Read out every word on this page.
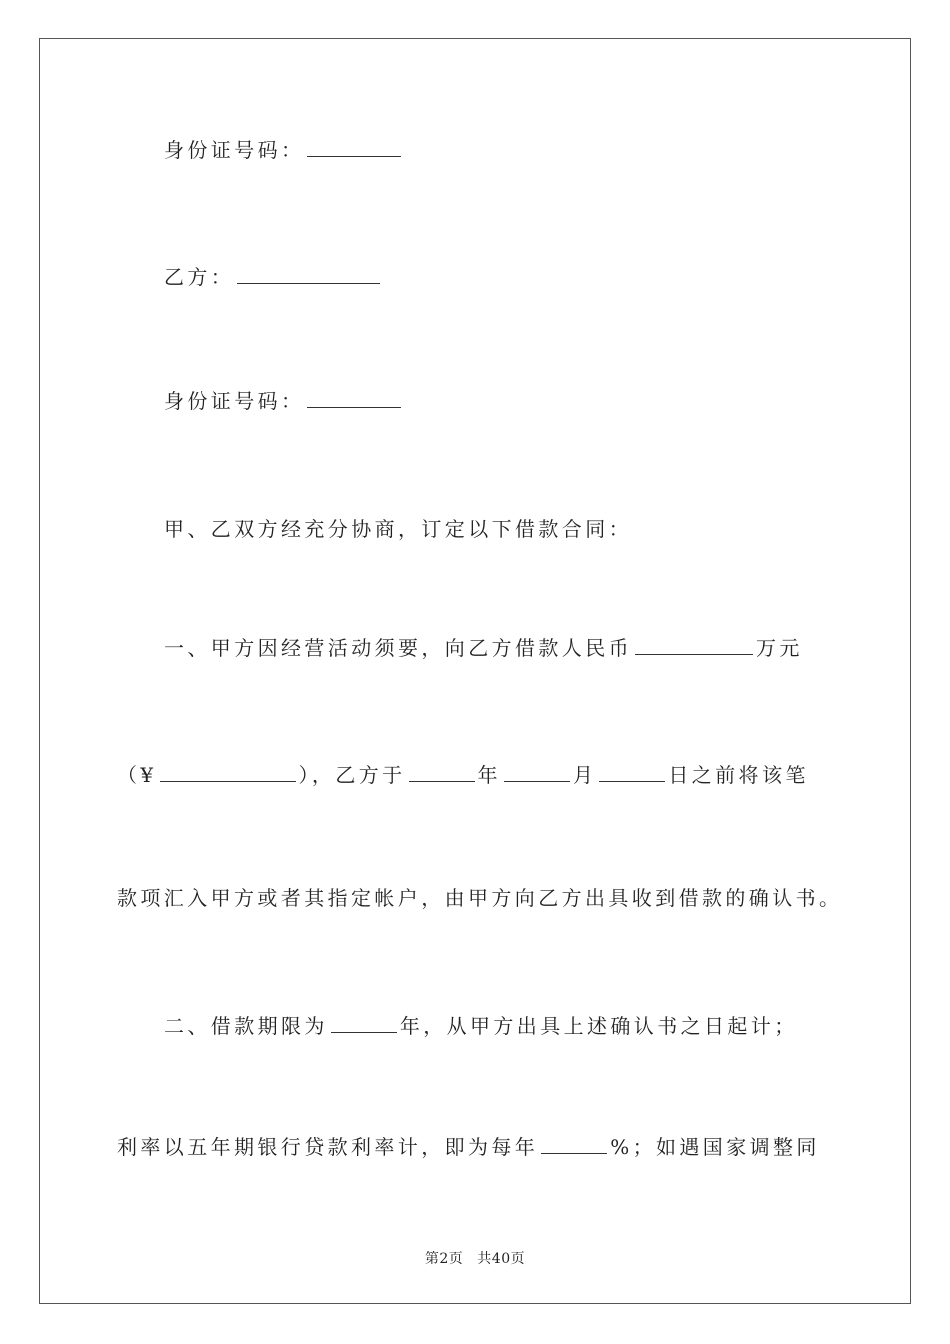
身份证号码：
乙方：
身份证号码：
甲、乙双方经充分协商，订定以下借款合同：
一、甲方因经营活动须要，向乙方借款人民币	万元
（¥	），乙方于	年	月	日之前将该笔
款项汇入甲方或者其指定帐户，由甲方向乙方出具收到借款的确认书。
二、借款期限为	年，从甲方出具上述确认书之日起计；
利率以五年期银行贷款利率计，即为每年	%；如遇国家调整同
第2页 共40页
